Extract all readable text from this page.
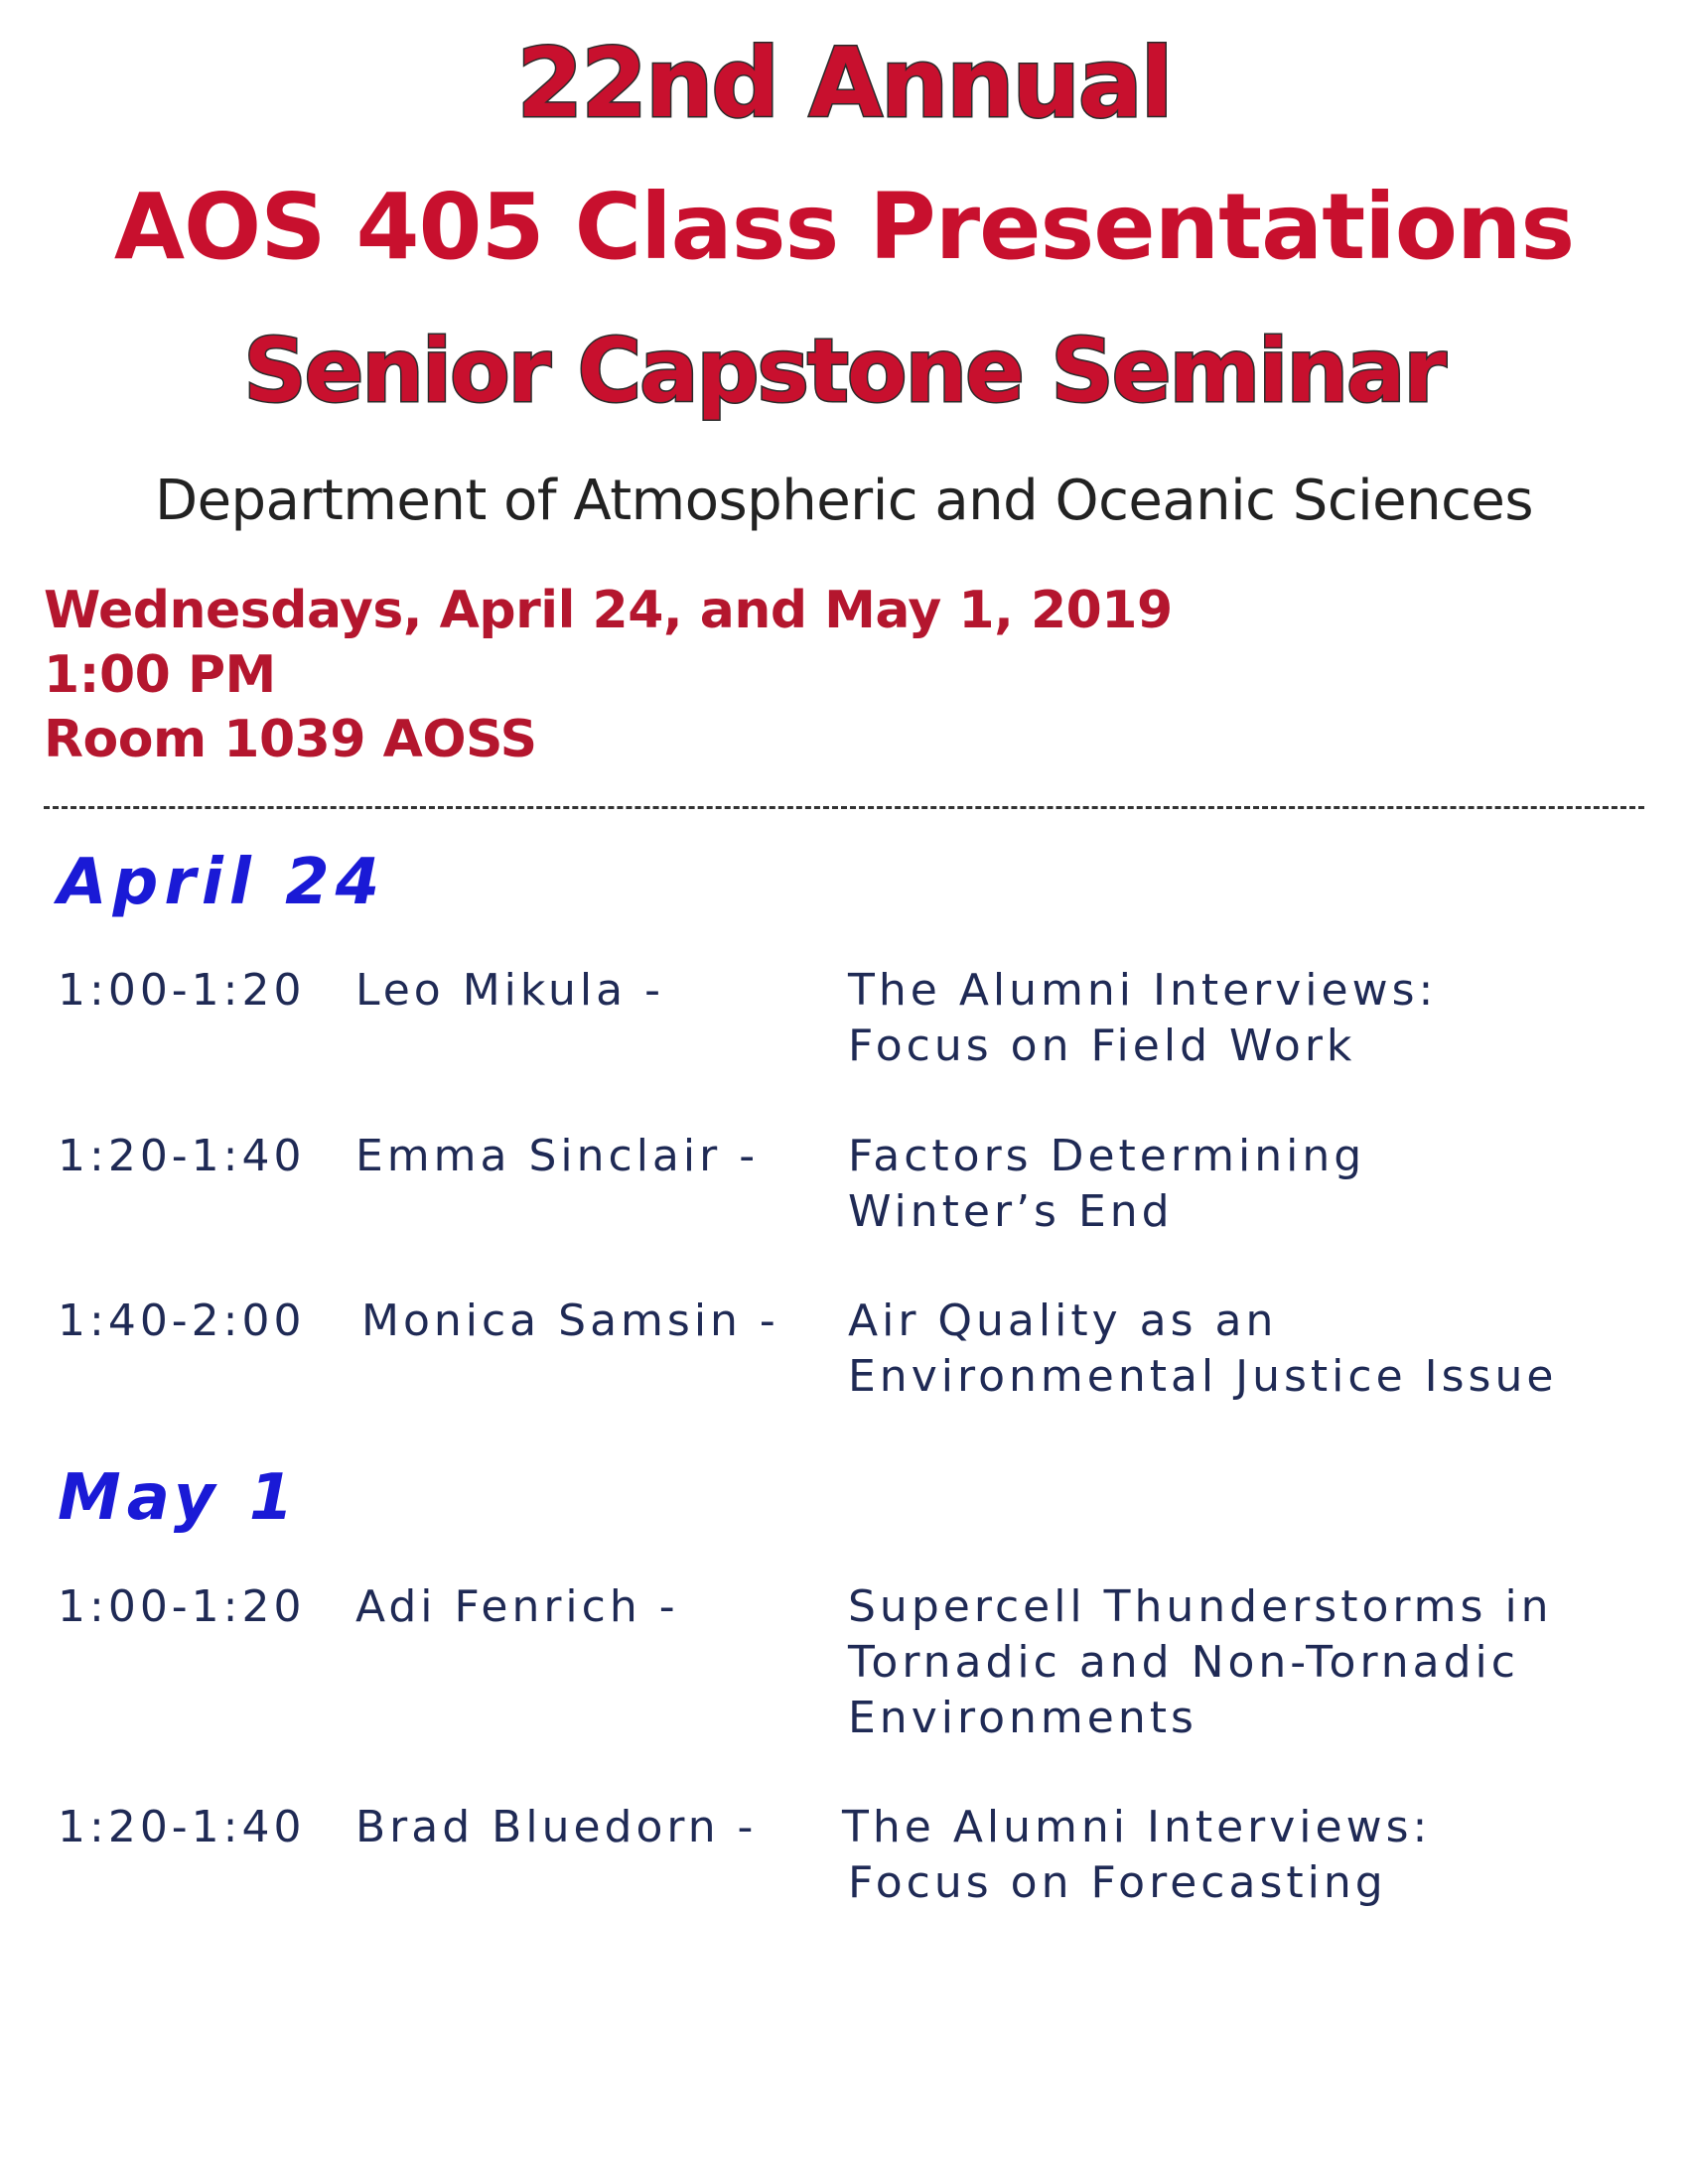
22nd Annual
AOS 405 Class Presentations
Senior Capstone Seminar
Department of Atmospheric and Oceanic Sciences
Wednesdays, April 24, and May 1, 2019
1:00 PM
Room 1039 AOSS
April 24
1:00-1:20 Leo Mikula -	The Alumni Interviews:
Focus on Field Work
1:20-1:40 Emma Sinclair - Factors Determining
Winter’s End
1:40-2:00 Monica Samsin - Air Quality as an
Environmental Justice Issue
May 1
1:00-1:20 Adi Fenrich -	Supercell Thunderstorms in
Tornadic and Non-Tornadic
Environments
1:20-1:40 Brad Bluedorn - The Alumni Interviews:
Focus on Forecasting
